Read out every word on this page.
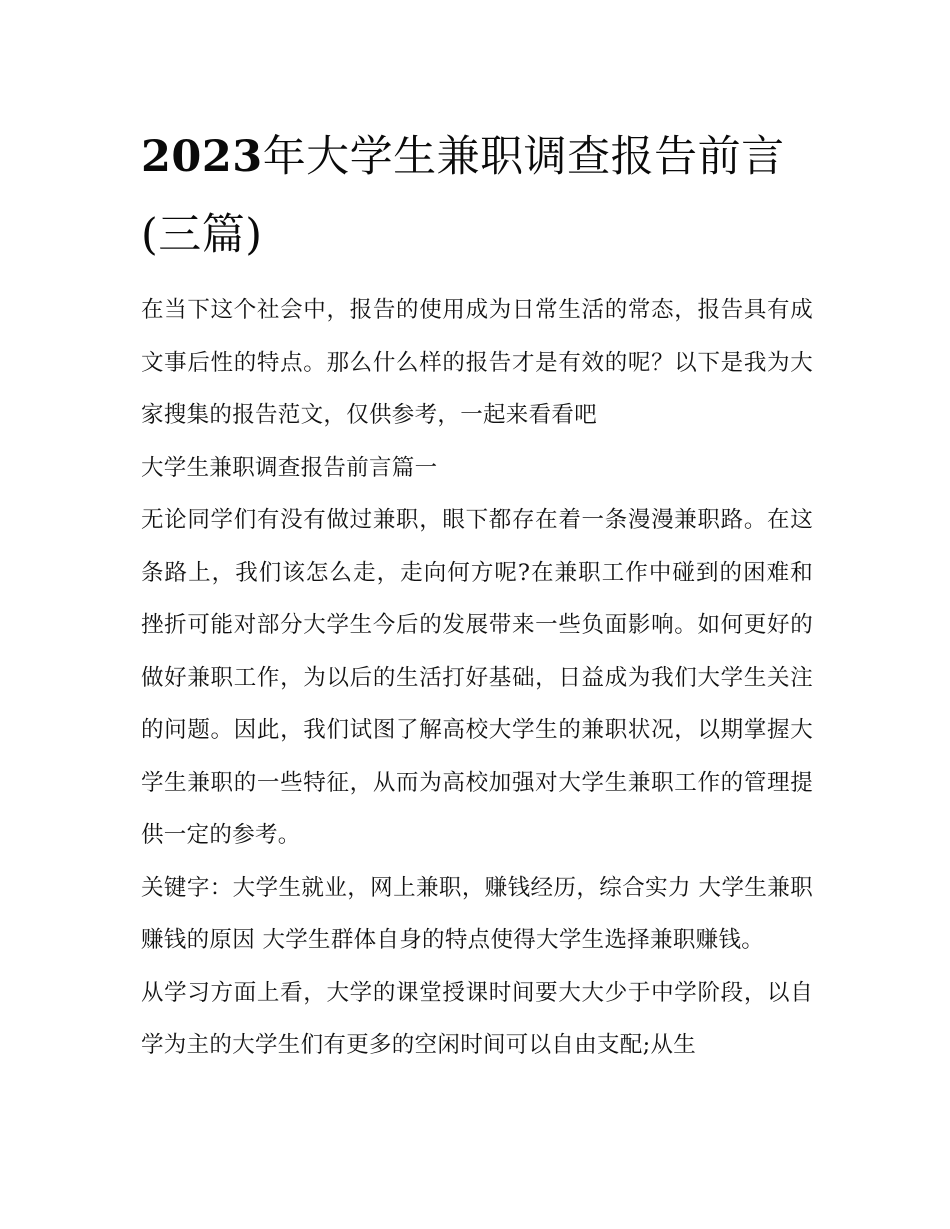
2023年大学生兼职调查报告前言(三篇)

在当下这个社会中，报告的使用成为日常生活的常态，报告具有成文事后性的特点。那么什么样的报告才是有效的呢？以下是我为大家搜集的报告范文，仅供参考，一起来看看吧

大学生兼职调查报告前言篇一

无论同学们有没有做过兼职，眼下都存在着一条漫漫兼职路。在这条路上，我们该怎么走，走向何方呢?在兼职工作中碰到的困难和挫折可能对部分大学生今后的发展带来一些负面影响。如何更好的做好兼职工作，为以后的生活打好基础，日益成为我们大学生关注的问题。因此，我们试图了解高校大学生的兼职状况，以期掌握大学生兼职的一些特征，从而为高校加强对大学生兼职工作的管理提供一定的参考。

关键字：大学生就业，网上兼职，赚钱经历，综合实力 大学生兼职赚钱的原因 大学生群体自身的特点使得大学生选择兼职赚钱。

从学习方面上看，大学的课堂授课时间要大大少于中学阶段，以自学为主的大学生们有更多的空闲时间可以自由支配;从生
